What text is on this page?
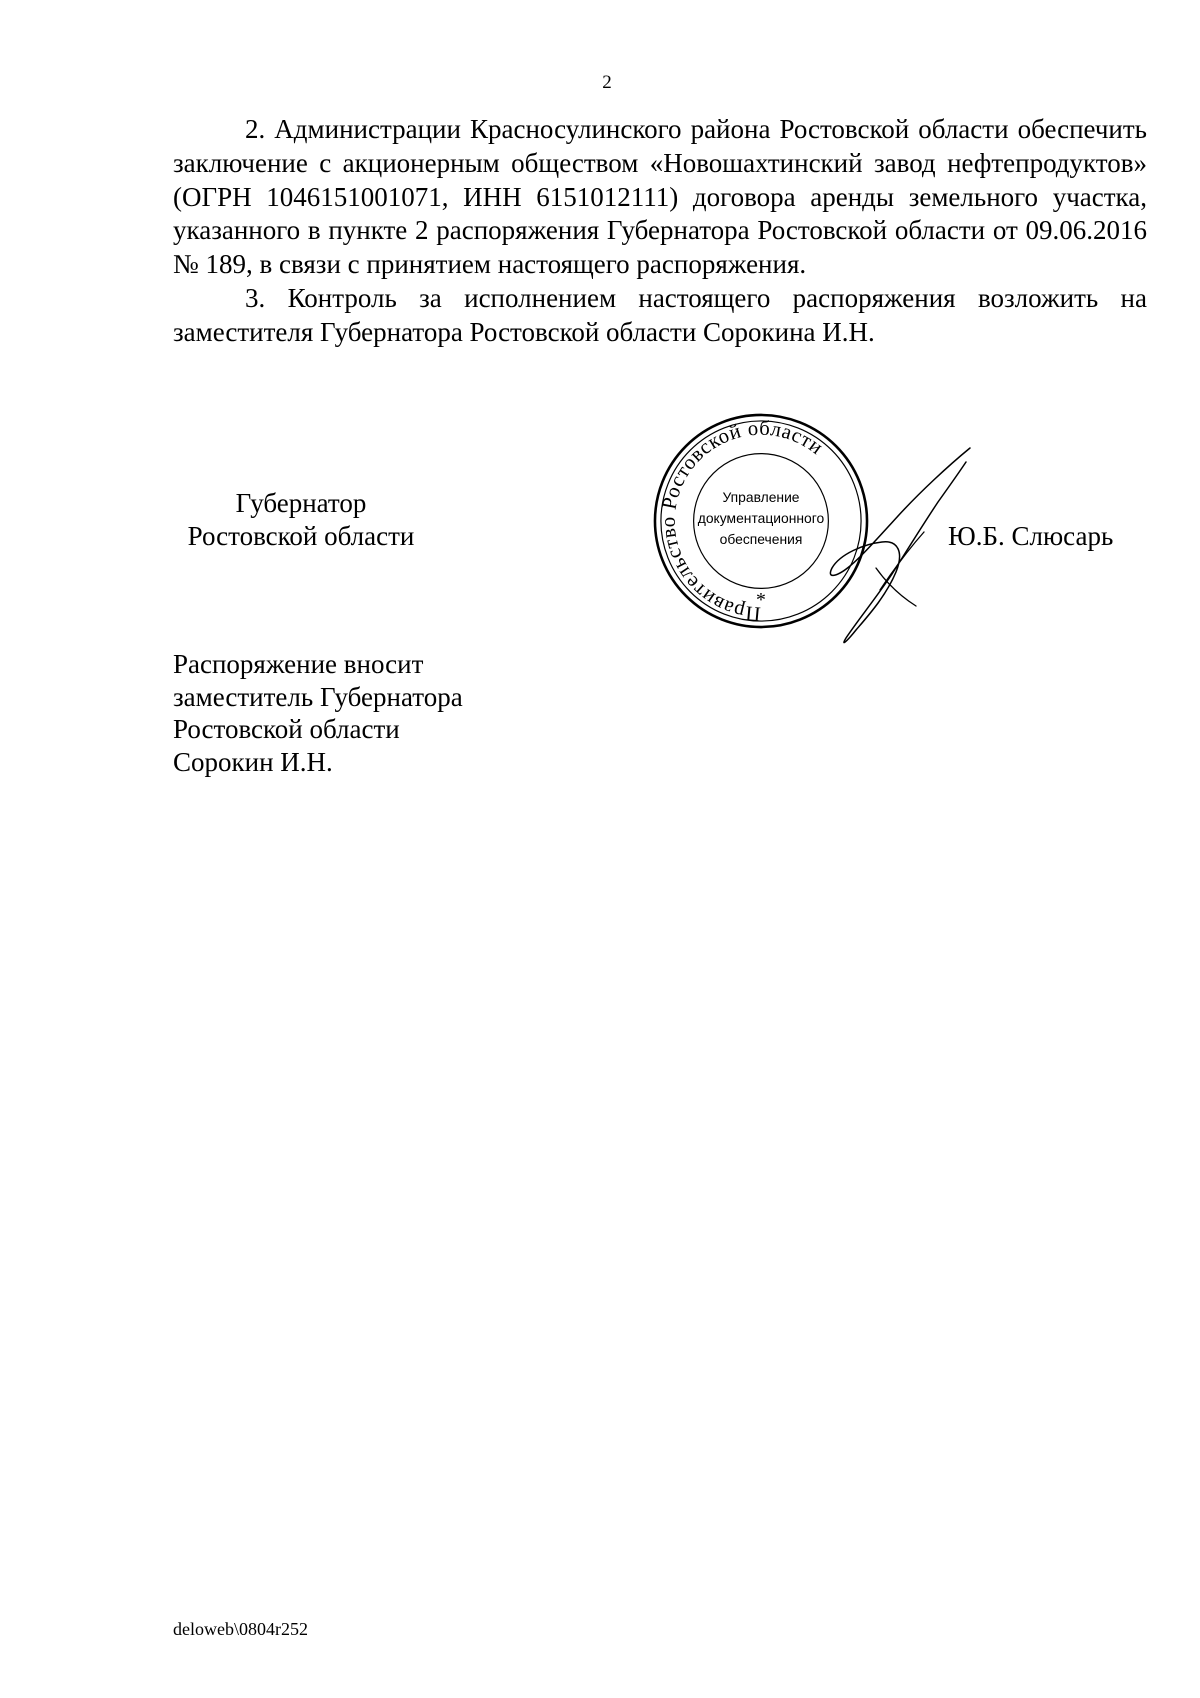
2

2. Администрации Красносулинского района Ростовской области обеспечить заключение с акционерным обществом «Новошахтинский завод нефтепродуктов» (ОГРН 1046151001071, ИНН 6151012111) договора аренды земельного участка, указанного в пункте 2 распоряжения Губернатора Ростовской области от 09.06.2016 № 189, в связи с принятием настоящего распоряжения.

3. Контроль за исполнением настоящего распоряжения возложить на заместителя Губернатора Ростовской области Сорокина И.Н.

Губернатор
Ростовской области
Правительство Ростовской области
Управление
документационного
обеспечения
*
Ю.Б. Слюсарь
Распоряжение вносит
заместитель Губернатора
Ростовской области
Сорокин И.Н.
deloweb\0804r252
